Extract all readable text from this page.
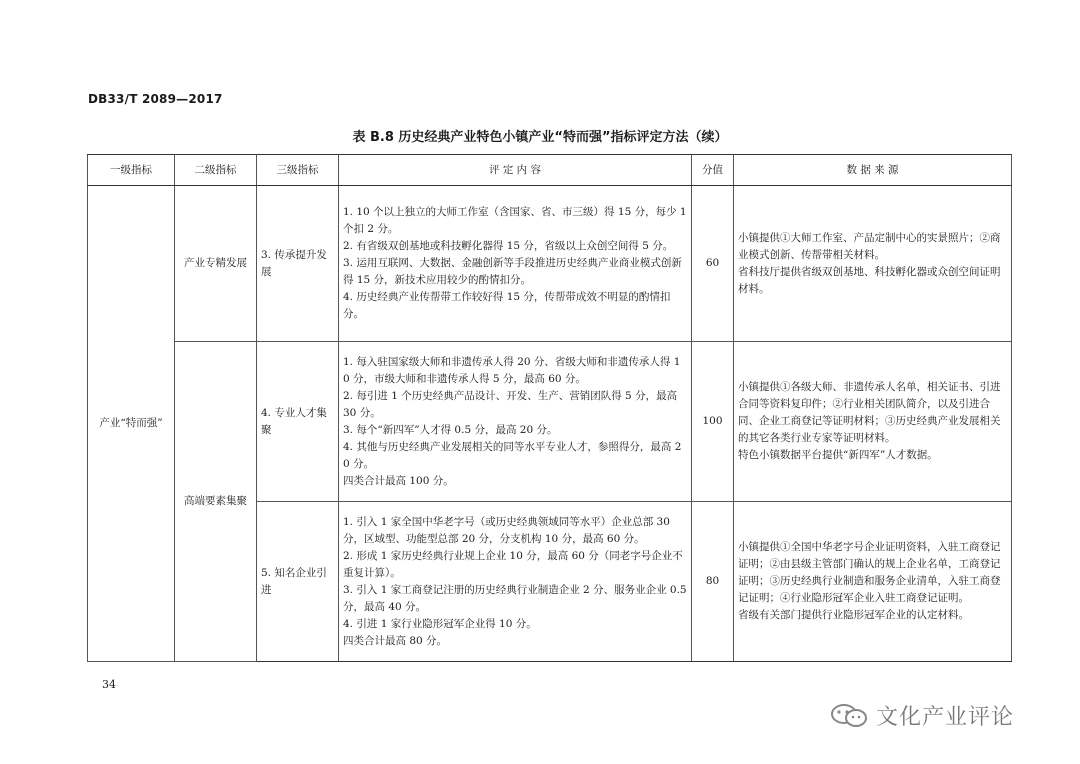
DB33/T 2089—2017
表 B.8 历史经典产业特色小镇产业“特而强”指标评定方法（续）
一级指标	二级指标	三级指标	评 定 内 容	分值	数 据 来 源
产业“特而强”	产业专精发展	3. 传承提升发展	1. 10 个以上独立的大师工作室（含国家、省、市三级）得 15 分，每少 1 个扣 2 分。
2. 有省级双创基地或科技孵化器得 15 分，省级以上众创空间得 5 分。
3. 运用互联网、大数据、金融创新等手段推进历史经典产业商业模式创新得 15 分，新技术应用较少的酌情扣分。
4. 历史经典产业传帮带工作较好得 15 分，传帮带成效不明显的酌情扣分。	60	小镇提供①大师工作室、产品定制中心的实景照片；②商业模式创新、传帮带相关材料。
省科技厅提供省级双创基地、科技孵化器或众创空间证明材料。

	高端要素集聚	4. 专业人才集聚	1. 每入驻国家级大师和非遗传承人得 20 分、省级大师和非遗传承人得 10 分，市级大师和非遗传承人得 5 分，最高 60 分。
2. 每引进 1 个历史经典产品设计、开发、生产、营销团队得 5 分，最高 30 分。
3. 每个“新四军”人才得 0.5 分，最高 20 分。
4. 其他与历史经典产业发展相关的同等水平专业人才，参照得分，最高 20 分。
四类合计最高 100 分。	100	小镇提供①各级大师、非遗传承人名单，相关证书、引进合同等资料复印件；②行业相关团队简介，以及引进合同、企业工商登记等证明材料；③历史经典产业发展相关的其它各类行业专家等证明材料。
特色小镇数据平台提供“新四军”人才数据。

		5. 知名企业引进	1. 引入 1 家全国中华老字号（或历史经典领域同等水平）企业总部 30 分，区域型、功能型总部 20 分，分支机构 10 分，最高 60 分。
2. 形成 1 家历史经典行业规上企业 10 分，最高 60 分（同老字号企业不重复计算）。
3. 引入 1 家工商登记注册的历史经典行业制造企业 2 分、服务业企业 0.5 分，最高 40 分。
4. 引进 1 家行业隐形冠军企业得 10 分。
四类合计最高 80 分。	80	小镇提供①全国中华老字号企业证明资料，入驻工商登记证明；②由县级主管部门确认的规上企业名单，工商登记证明；③历史经典行业制造和服务企业清单，入驻工商登记证明；④行业隐形冠军企业入驻工商登记证明。
省级有关部门提供行业隐形冠军企业的认定材料。
34
文化产业评论
